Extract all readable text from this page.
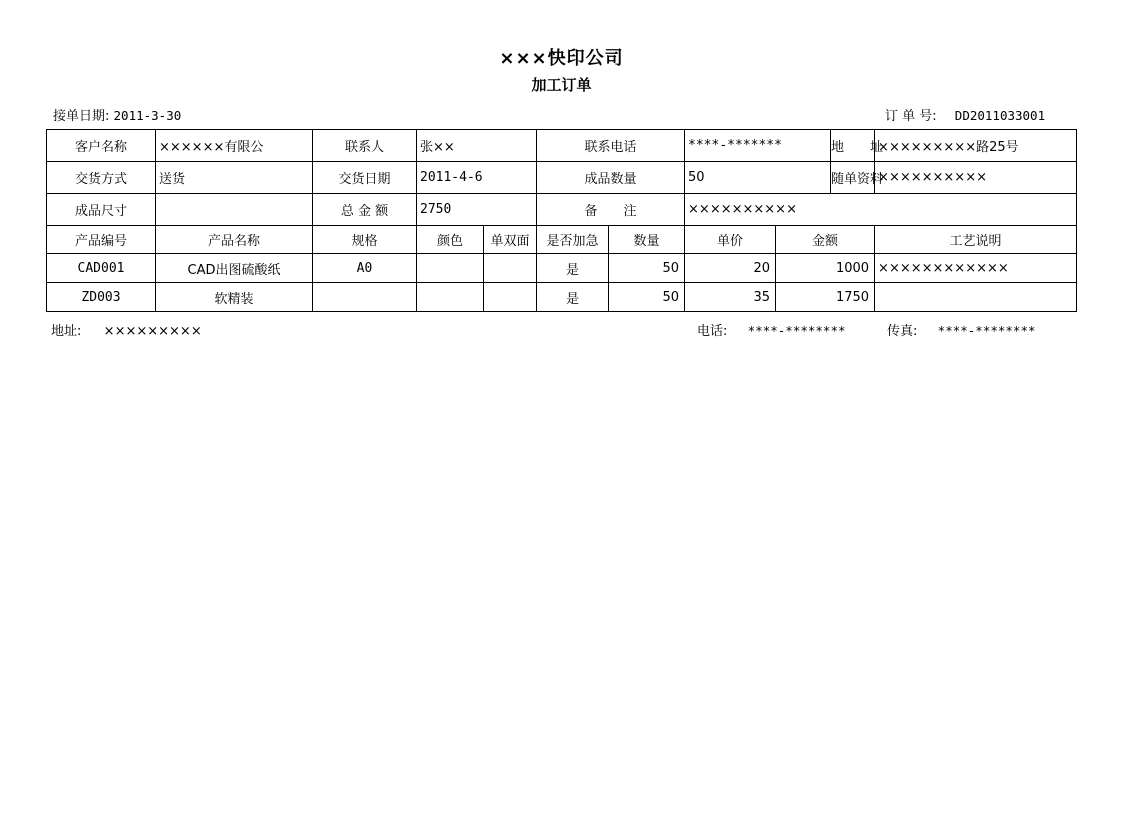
×××快印公司
加工订单
接单日期: 2011-3-30	订 单 号: DD2011033001
客户名称	××××××有限公	联系人	张××		联系电话		****-******* 地　　址		×××××××××路25号
交货方式	送货	交货日期	2011-4-6		成品数量		50 随单资料		××××××××××
成品尺寸		总 金 额	2750		备　　注		××××××××××		
产品编号	产品名称	规格	颜色	单双面	是否加急	数量	单价	金额	工艺说明
CAD001	CAD出图硫酸纸	A0			是	50	20	1000	××××××××××××
ZD003	软精装				是	50	35	1750	
地址: ×××××××××	电话: ****-********	传真: ****-********
